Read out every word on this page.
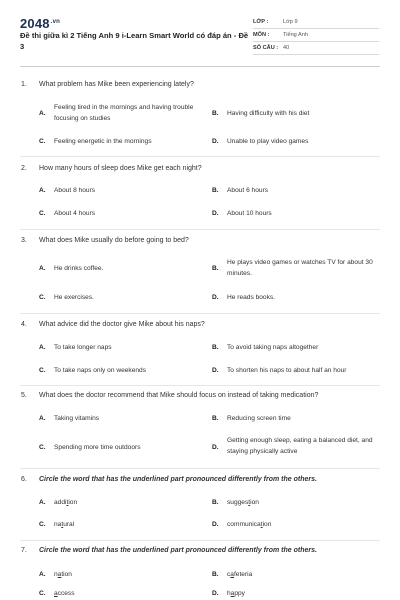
$2048^{.vn}$
Đề thi giữa kì 2 Tiếng Anh 9 i-Learn Smart World có đáp án - Đề 3
LỚP :	Lớp 9
MÔN : Tiếng Anh
SỐ CÂU : 40
1. What problem has Mike been experiencing lately?
A.
Feeling tired in the mornings and having trouble focusing on studies
B. Having difficulty with his diet
C. Feeling energetic in the mornings	D. Unable to play video games
2. How many hours of sleep does Mike get each night?
A. About 8 hours	B. About 6 hours
C. About 4 hours	D. About 10 hours
3. What does Mike usually do before going to bed?
A. He drinks coffee.	B.
He plays video games or watches TV for about 30 minutes.
C. He exercises.	D. He reads books.
4. What advice did the doctor give Mike about his naps?
A. To take longer naps	B. To avoid taking naps altogether
C. To take naps only on weekends	D. To shorten his naps to about half an hour
5. What does the doctor recommend that Mike should focus on instead of taking medication?
A. Taking vitamins	B. Reducing screen time
C. Spending more time outdoors	D.
Getting enough sleep, eating a balanced diet, and staying physically active
6. Circle the word that has the underlined part pronounced differently from the others.
A. addition	B. suggestion
C. natural	D. communication
7. Circle the word that has the underlined part pronounced differently from the others.
A. nation	B. cafeteria
C. access	D. happy
